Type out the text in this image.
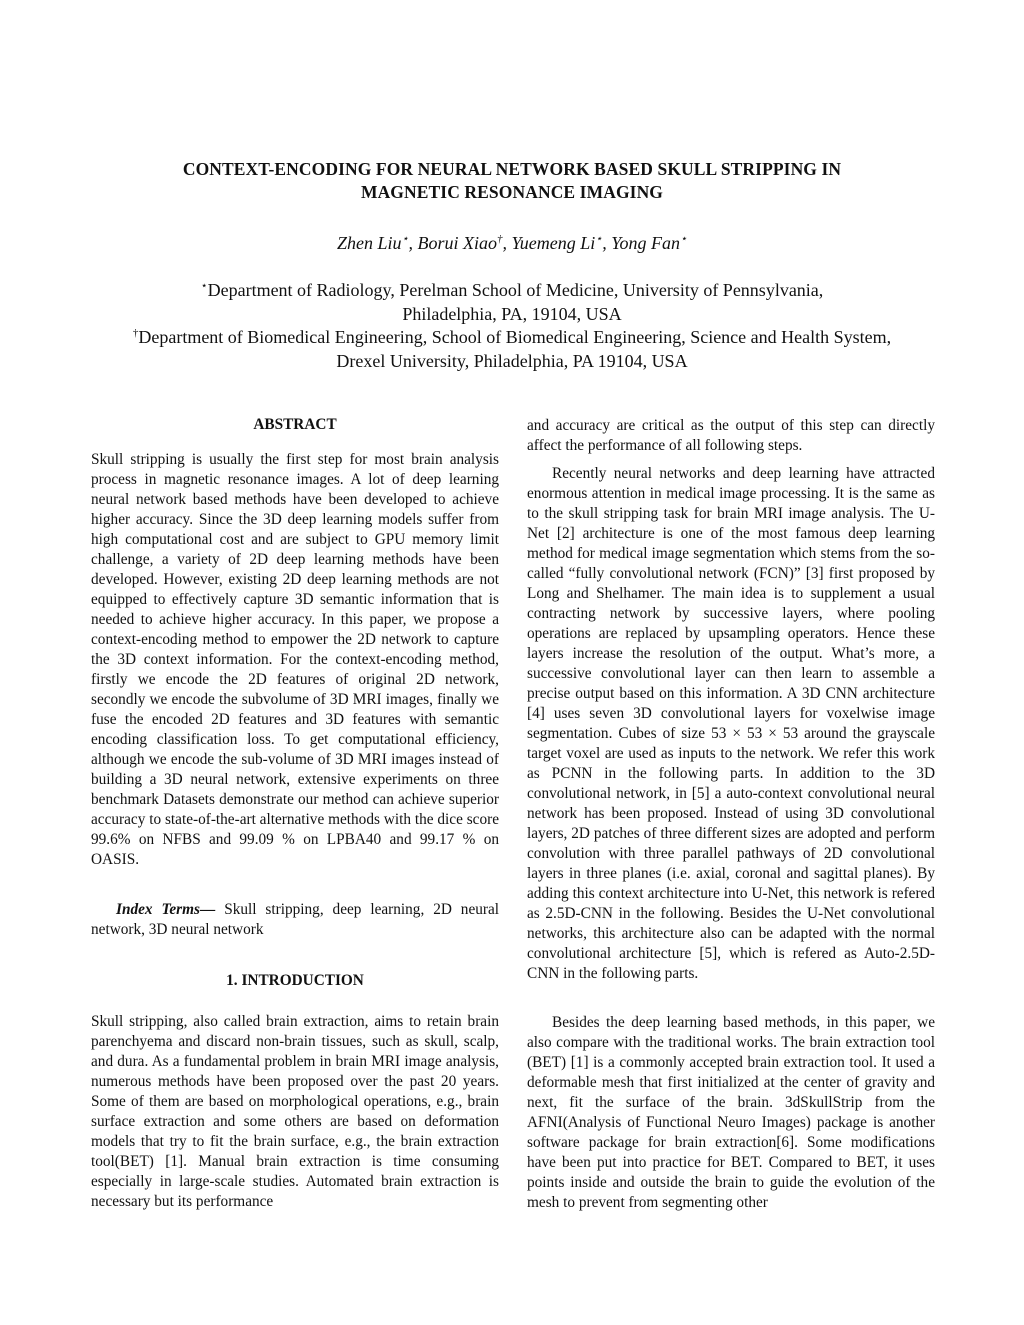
CONTEXT-ENCODING FOR NEURAL NETWORK BASED SKULL STRIPPING IN
MAGNETIC RESONANCE IMAGING
Zhen Liu⋆, Borui Xiao†, Yuemeng Li⋆, Yong Fan⋆
⋆Department of Radiology, Perelman School of Medicine, University of Pennsylvania,
Philadelphia, PA, 19104, USA
†Department of Biomedical Engineering, School of Biomedical Engineering, Science and Health System,
Drexel University, Philadelphia, PA 19104, USA
ABSTRACT
Skull stripping is usually the first step for most brain analysis process in magnetic resonance images. A lot of deep learning neural network based methods have been developed to achieve higher accuracy. Since the 3D deep learning models suffer from high computational cost and are subject to GPU memory limit challenge, a variety of 2D deep learning methods have been developed. However, existing 2D deep learning methods are not equipped to effectively capture 3D semantic information that is needed to achieve higher accuracy. In this paper, we propose a context-encoding method to empower the 2D network to capture the 3D context information. For the context-encoding method, firstly we encode the 2D features of original 2D network, secondly we encode the subvolume of 3D MRI images, finally we fuse the encoded 2D features and 3D features with semantic encoding classification loss. To get computational efficiency, although we encode the sub-volume of 3D MRI images instead of building a 3D neural network, extensive experiments on three benchmark Datasets demonstrate our method can achieve superior accuracy to state-of-the-art alternative methods with the dice score 99.6% on NFBS and 99.09 % on LPBA40 and 99.17 % on OASIS.
Index Terms— Skull stripping, deep learning, 2D neural network, 3D neural network
1. INTRODUCTION
Skull stripping, also called brain extraction, aims to retain brain parenchyema and discard non-brain tissues, such as skull, scalp, and dura. As a fundamental problem in brain MRI image analysis, numerous methods have been proposed over the past 20 years. Some of them are based on morphological operations, e.g., brain surface extraction and some others are based on deformation models that try to fit the brain surface, e.g., the brain extraction tool(BET) [1]. Manual brain extraction is time consuming especially in large-scale studies. Automated brain extraction is necessary but its performance
and accuracy are critical as the output of this step can directly affect the performance of all following steps.
Recently neural networks and deep learning have attracted enormous attention in medical image processing. It is the same as to the skull stripping task for brain MRI image analysis. The U-Net [2] architecture is one of the most famous deep learning method for medical image segmentation which stems from the so-called “fully convolutional network (FCN)” [3] first proposed by Long and Shelhamer. The main idea is to supplement a usual contracting network by successive layers, where pooling operations are replaced by upsampling operators. Hence these layers increase the resolution of the output. What’s more, a successive convolutional layer can then learn to assemble a precise output based on this information. A 3D CNN architecture [4] uses seven 3D convolutional layers for voxelwise image segmentation. Cubes of size 53 × 53 × 53 around the grayscale target voxel are used as inputs to the network. We refer this work as PCNN in the following parts. In addition to the 3D convolutional network, in [5] a auto-context convolutional neural network has been proposed. Instead of using 3D convolutional layers, 2D patches of three different sizes are adopted and perform convolution with three parallel pathways of 2D convolutional layers in three planes (i.e. axial, coronal and sagittal planes). By adding this context architecture into U-Net, this network is refered as 2.5D-CNN in the following. Besides the U-Net convolutional networks, this architecture also can be adapted with the normal convolutional architecture [5], which is refered as Auto-2.5D-CNN in the following parts.
Besides the deep learning based methods, in this paper, we also compare with the traditional works. The brain extraction tool (BET) [1] is a commonly accepted brain extraction tool. It used a deformable mesh that first initialized at the center of gravity and next, fit the surface of the brain. 3dSkullStrip from the AFNI(Analysis of Functional Neuro Images) package is another software package for brain extraction[6]. Some modifications have been put into practice for BET. Compared to BET, it uses points inside and outside the brain to guide the evolution of the mesh to prevent from segmenting other
